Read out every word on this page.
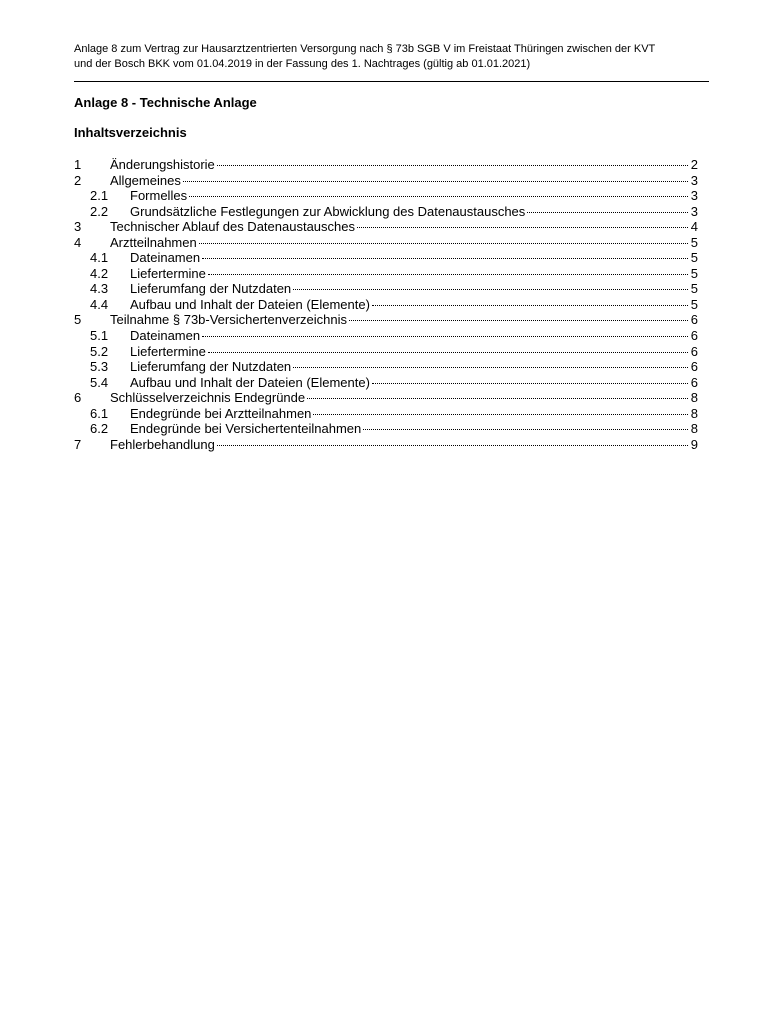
Anlage 8 zum Vertrag zur Hausarztzentrierten Versorgung nach § 73b SGB V im Freistaat Thüringen zwischen der KVT
und der Bosch BKK vom 01.04.2019 in der Fassung des 1. Nachtrages (gültig ab 01.01.2021)
Anlage 8 - Technische Anlage
Inhaltsverzeichnis
1	Änderungshistorie	2
2	Allgemeines	3
2.1	Formelles	3
2.2	Grundsätzliche Festlegungen zur Abwicklung des Datenaustausches	3
3	Technischer Ablauf des Datenaustausches	4
4	Arztteilnahmen	5
4.1	Dateinamen	5
4.2	Liefertermine	5
4.3	Lieferumfang der Nutzdaten	5
4.4	Aufbau und Inhalt der Dateien (Elemente)	5
5	Teilnahme § 73b-Versichertenverzeichnis	6
5.1	Dateinamen	6
5.2	Liefertermine	6
5.3	Lieferumfang der Nutzdaten	6
5.4	Aufbau und Inhalt der Dateien (Elemente)	6
6	Schlüsselverzeichnis Endegründe	8
6.1	Endegründe bei Arztteilnahmen	8
6.2	Endegründe bei Versichertenteilnahmen	8
7	Fehlerbehandlung	9
